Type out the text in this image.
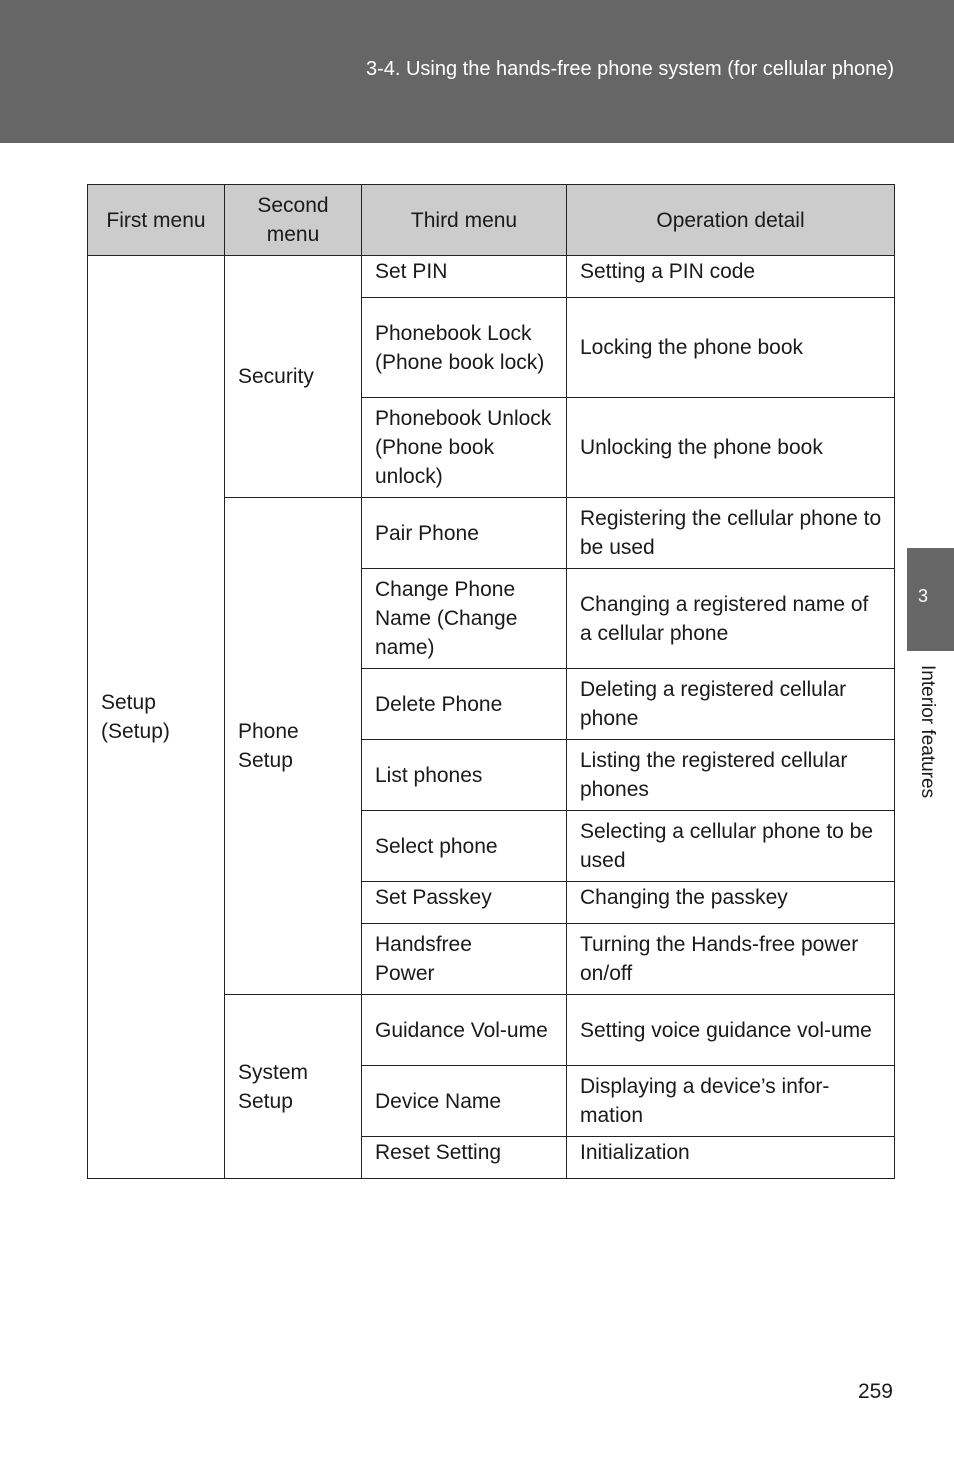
3-4. Using the hands-free phone system (for cellular phone)
3
Interior features
First menu	Second menu	Third menu	Operation detail
Setup (Setup)	Security	Set PIN	Setting a PIN code
		Phonebook Lock (Phone book lock)	Locking the phone book
		Phonebook Unlock (Phone book unlock)	Unlocking the phone book
	Phone Setup	Pair Phone	Registering the cellular phone to be used
		Change Phone Name (Change name)	Changing a registered name of a cellular phone
		Delete Phone	Deleting a registered cellular phone
		List phones	Listing the registered cellular phones
		Select phone	Selecting a cellular phone to be used
		Set Passkey	Changing the passkey
		Handsfree Power	Turning the Hands-free power on/off
	System Setup	Guidance Vol-ume	Setting voice guidance vol-ume
		Device Name	Displaying a device’s infor-mation
		Reset Setting	Initialization
259
